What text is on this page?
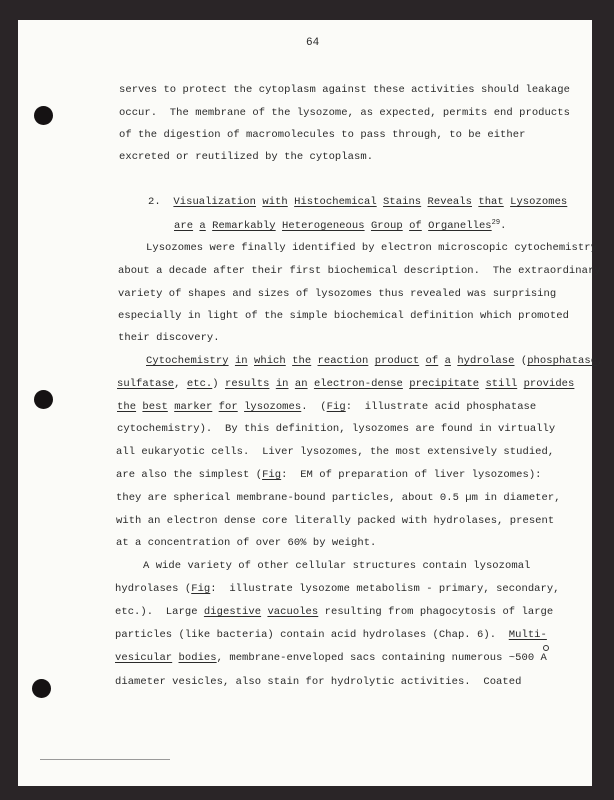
64
serves to protect the cytoplasm against these activities should leakage
occur.  The membrane of the lysozome, as expected, permits end products
of the digestion of macromolecules to pass through, to be either
excreted or reutilized by the cytoplasm.
2. Visualization with Histochemical Stains Reveals that Lysozomes
are a Remarkably Heterogeneous Group of Organelles$^{29}$.
Lysozomes were finally identified by electron microscopic cytochemistry
about a decade after their first biochemical description.  The extraordinary
variety of shapes and sizes of lysozomes thus revealed was surprising
especially in light of the simple biochemical definition which promoted
their discovery.
Cytochemistry in which the reaction product of a hydrolase (phosphatase,
sulfatase, etc.) results in an electron-dense precipitate still provides
the best marker for lysozomes.  (Fig:  illustrate acid phosphatase
cytochemistry).  By this definition, lysozomes are found in virtually
all eukaryotic cells.  Liver lysozomes, the most extensively studied,
are also the simplest (Fig:  EM of preparation of liver lysozomes):
they are spherical membrane-bound particles, about 0.5 µm in diameter,
with an electron dense core literally packed with hydrolases, present
at a concentration of over 60% by weight.
A wide variety of other cellular structures contain lysozomal
hydrolases (Fig:  illustrate lysozome metabolism - primary, secondary,
etc.).  Large digestive vacuoles resulting from phagocytosis of large
particles (like bacteria) contain acid hydrolases (Chap. 6).  Multi-
vesicular bodies, membrane-enveloped sacs containing numerous ~500 A
diameter vesicles, also stain for hydrolytic activities.  Coated
